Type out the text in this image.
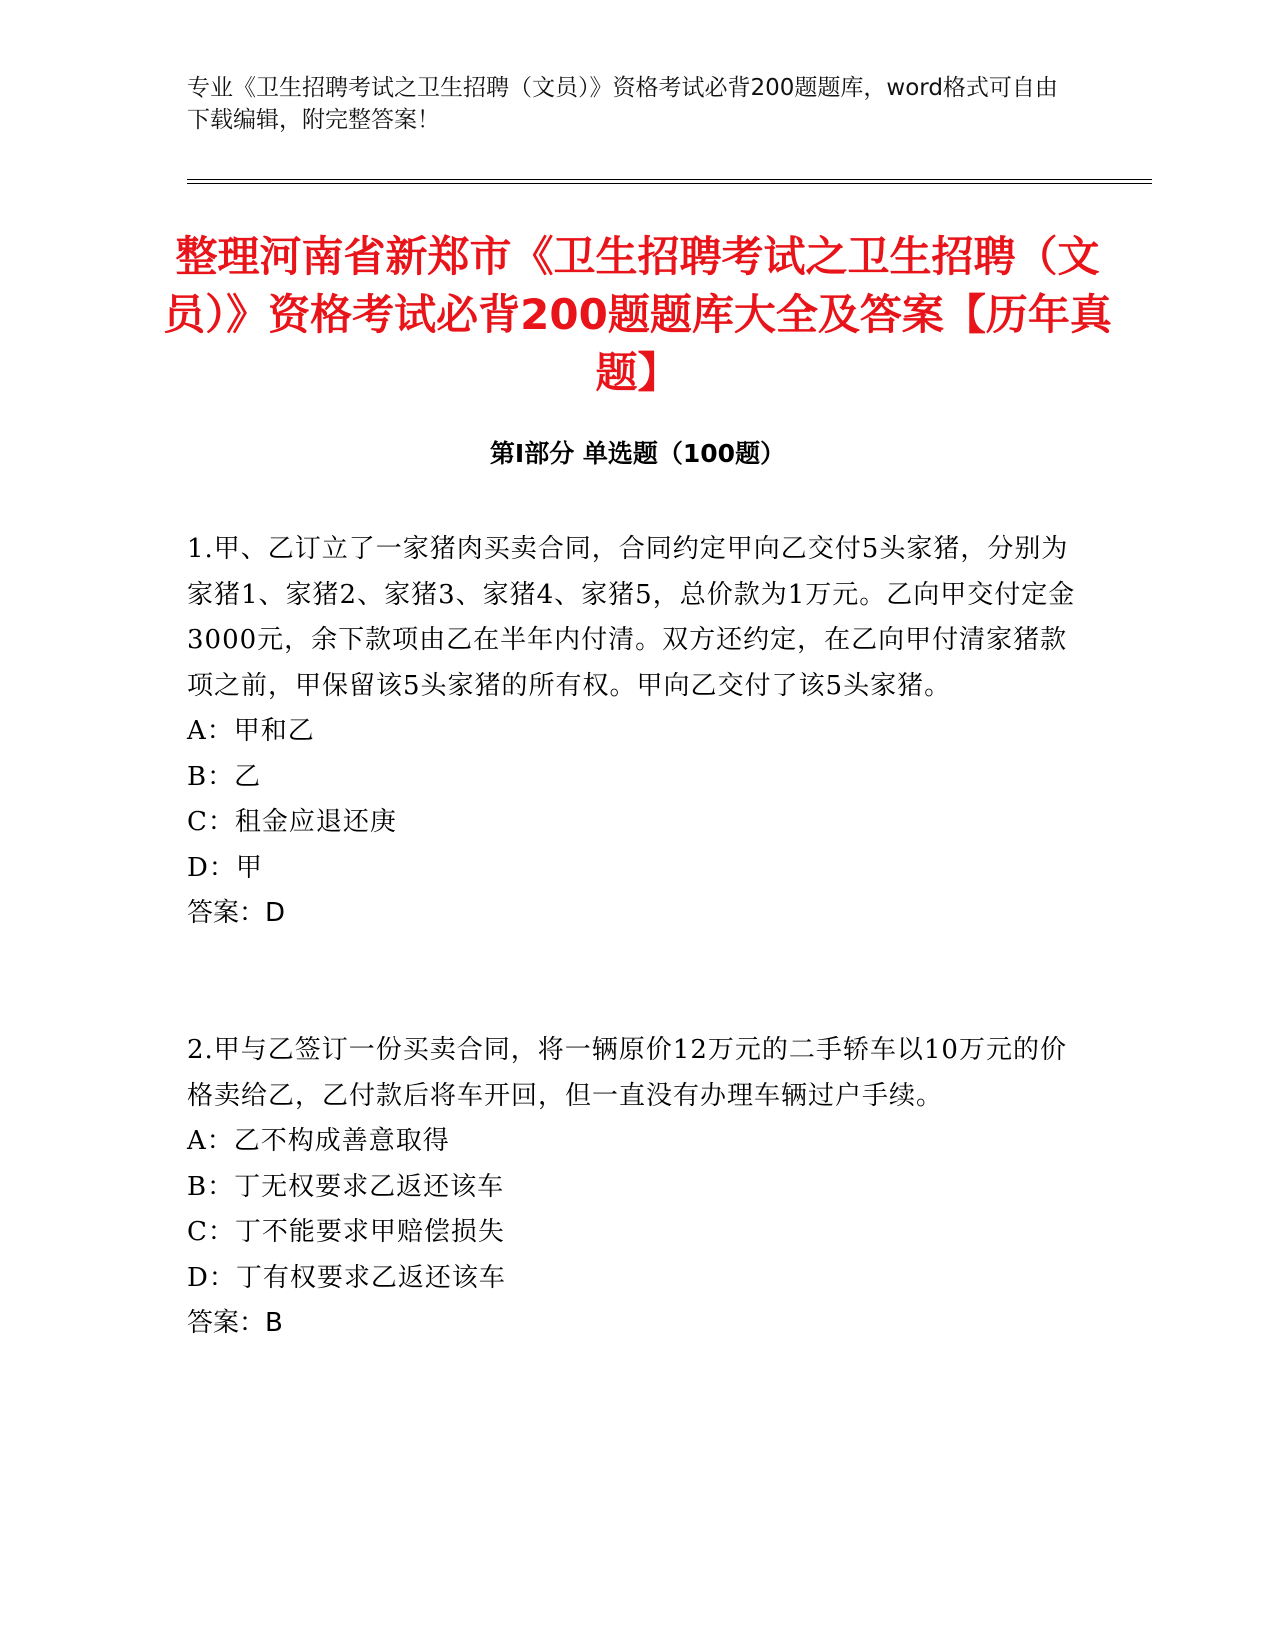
专业《卫生招聘考试之卫生招聘（文员）》资格考试必背200题题库，word格式可自由下载编辑，附完整答案！
整理河南省新郑市《卫生招聘考试之卫生招聘（文员）》资格考试必背200题题库大全及答案【历年真题】
第I部分 单选题（100题）

1.甲、乙订立了一家猪肉买卖合同，合同约定甲向乙交付5头家猪，分别为家猪1、家猪2、家猪3、家猪4、家猪5，总价款为1万元。乙向甲交付定金3000元，余下款项由乙在半年内付清。双方还约定，在乙向甲付清家猪款项之前，甲保留该5头家猪的所有权。甲向乙交付了该5头家猪。

A：甲和乙

B：乙

C：租金应退还庚

D：甲

答案：D

2.甲与乙签订一份买卖合同，将一辆原价12万元的二手轿车以10万元的价格卖给乙，乙付款后将车开回，但一直没有办理车辆过户手续。

A：乙不构成善意取得

B：丁无权要求乙返还该车

C：丁不能要求甲赔偿损失

D：丁有权要求乙返还该车

答案：B
